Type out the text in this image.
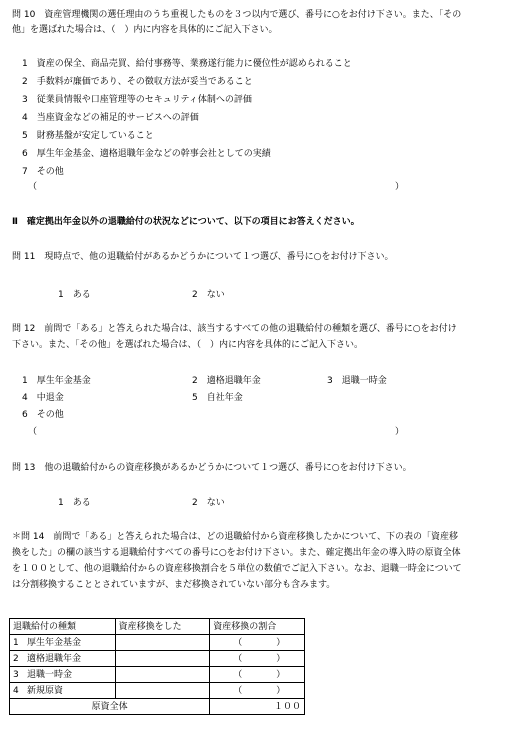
問 10　資産管理機関の選任理由のうち重視したものを３つ以内で選び、番号に○をお付け下さい。また、「その
他」を選ばれた場合は、（　）内に内容を具体的にご記入下さい。
1　資産の保全、商品売買、給付事務等、業務遂行能力に優位性が認められること
2　手数料が廉価であり、その徴収方法が妥当であること
3　従業員情報や口座管理等のセキュリティ体制への評価
4　当座資金などの補足的サービスへの評価
5　財務基盤が安定していること
6　厚生年金基金、適格退職年金などの幹事会社としての実績
7　その他
（	）
Ⅱ　確定拠出年金以外の退職給付の状況などについて、以下の項目にお答えください。
問 11　現時点で、他の退職給付があるかどうかについて１つ選び、番号に○をお付け下さい。
1　ある	2　ない
問 12　前問で「ある」と答えられた場合は、該当するすべての他の退職給付の種類を選び、番号に○をお付け
下さい。また、「その他」を選ばれた場合は、（　）内に内容を具体的にご記入下さい。
1　厚生年金基金	2　適格退職年金	3　退職一時金
4　中退金	5　自社年金
6　その他
（	）
問 13　他の退職給付からの資産移換があるかどうかについて１つ選び、番号に○をお付け下さい。
1　ある	2　ない
＊問 14　前問で「ある」と答えられた場合は、どの退職給付から資産移換したかについて、下の表の「資産移
換をした」の欄の該当する退職給付すべての番号に○をお付け下さい。また、確定拠出年金の導入時の原資全体
を１００として、他の退職給付からの資産移換割合を５単位の数値でご記入下さい。なお、退職一時金について
は分割移換することとされていますが、まだ移換されていない部分も含みます。
退職給付の種類	資産移換をした	資産移換の割合
1 厚生年金基金		（ ）
2 適格退職年金		（ ）
3 退職一時金		（ ）
4 新規原資		（ ）
原資全体		１００
